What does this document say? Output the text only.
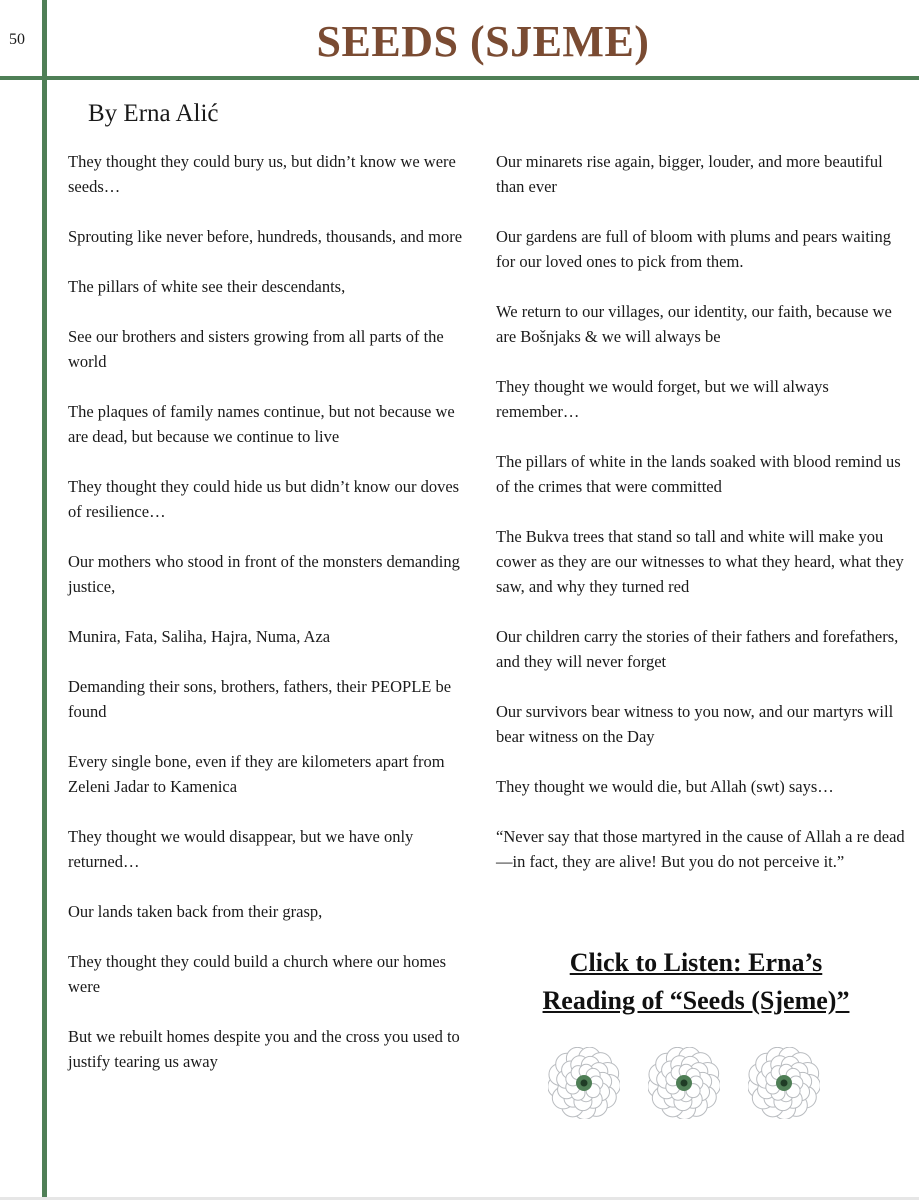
50	SEEDS (SJEME)
By Erna Alić

They thought they could bury us, but didn’t know we were seeds…

Sprouting like never before, hundreds, thousands, and more

The pillars of white see their descendants,

See our brothers and sisters growing from all parts of the world

The plaques of family names continue, but not because we are dead, but because we continue to live

They thought they could hide us but didn’t know our doves of resilience…

Our mothers who stood in front of the monsters demanding justice,

Munira, Fata, Saliha, Hajra, Numa, Aza

Demanding their sons, brothers, fathers, their PEOPLE be found

Every single bone, even if they are kilometers apart from Zeleni Jadar to Kamenica

They thought we would disappear, but we have only returned…

Our lands taken back from their grasp,

They thought they could build a church where our homes were

But we rebuilt homes despite you and the cross you used to justify tearing us away

Our minarets rise again, bigger, louder, and more beautiful than ever

Our gardens are full of bloom with plums and pears waiting for our loved ones to pick from them.

We return to our villages, our identity, our faith, because we are Bošnjaks & we will always be

They thought we would forget, but we will always remember…

The pillars of white in the lands soaked with blood remind us of the crimes that were committed

The Bukva trees that stand so tall and white will make you cower as they are our witnesses to what they heard, what they saw, and why they turned red

Our children carry the stories of their fathers and forefathers, and they will never forget

Our survivors bear witness to you now, and our martyrs will bear witness on the Day

They thought we would die, but Allah (swt) says…

“Never say that those martyred in the cause of Allah a re dead—in fact, they are alive! But you do not perceive it.”

Click to Listen: Erna’s
Reading of “Seeds (Sjeme)”
